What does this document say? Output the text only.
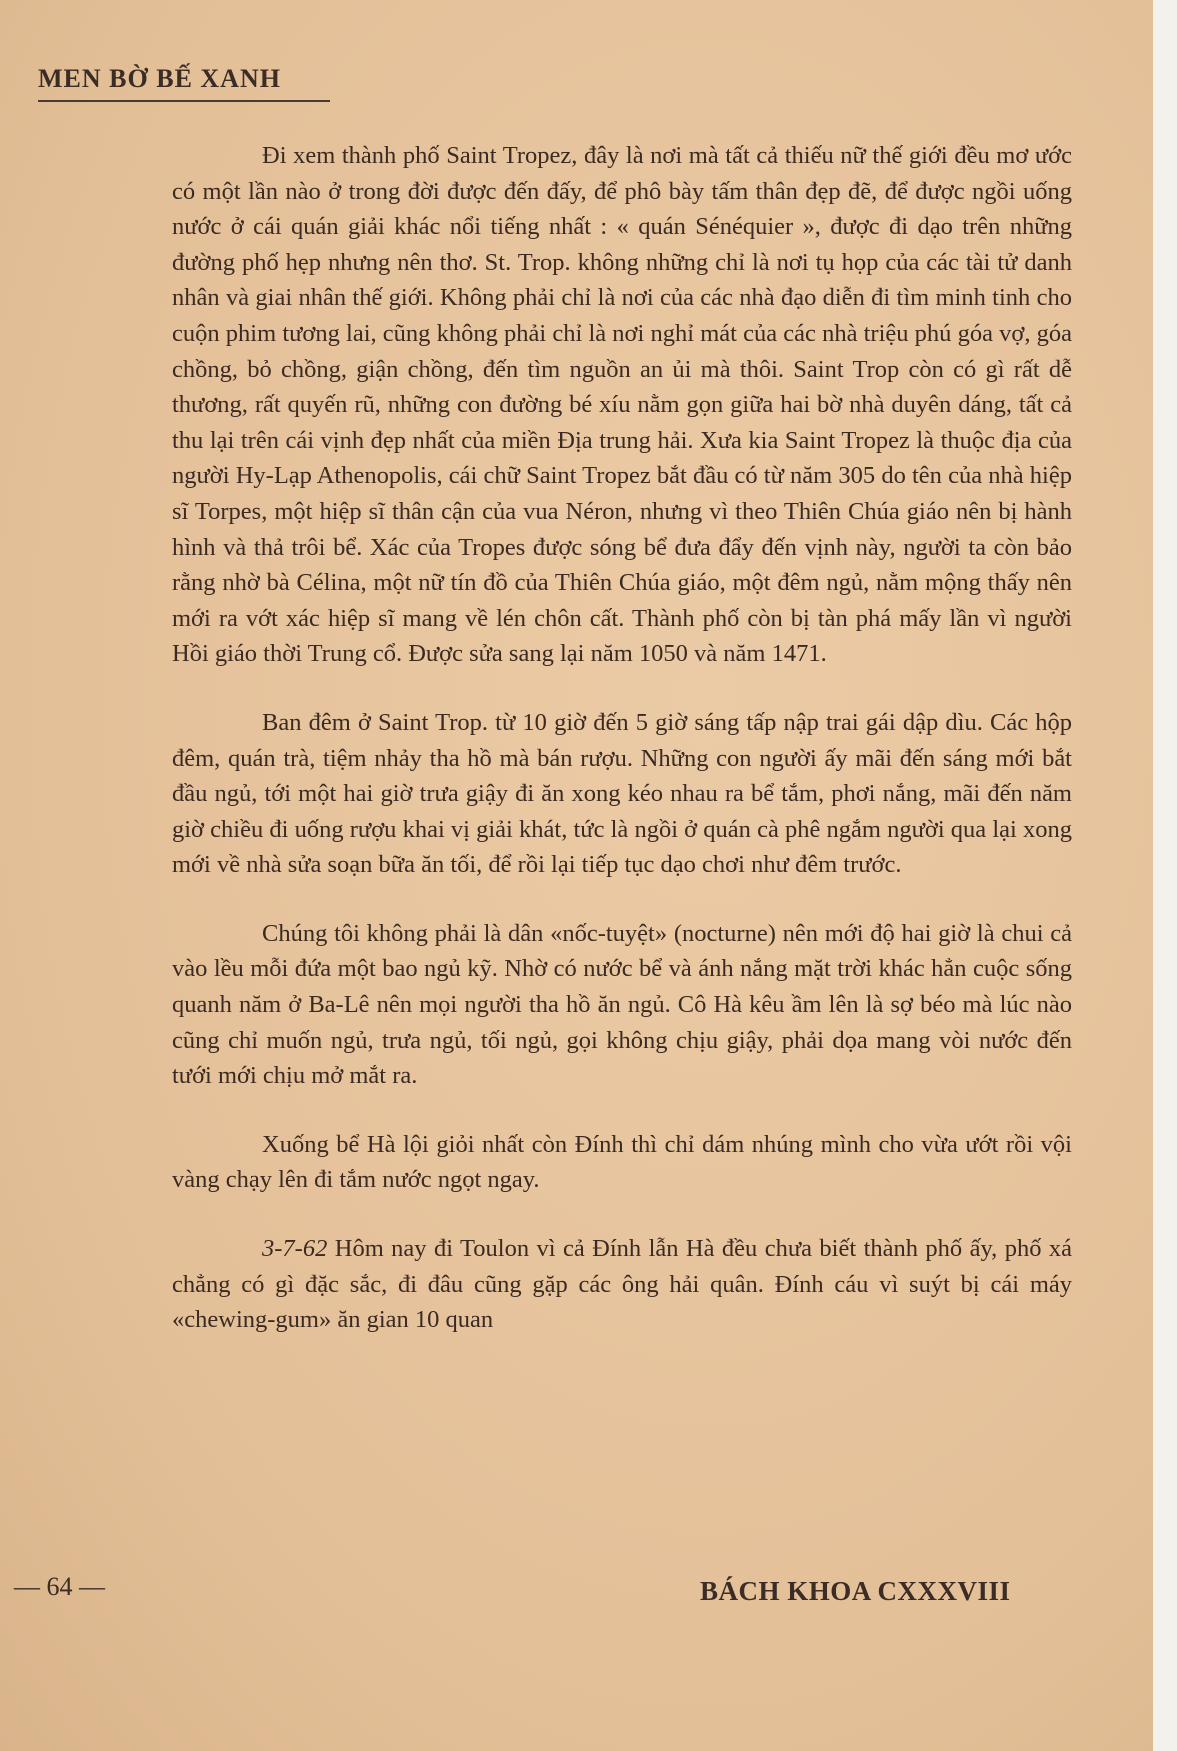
MEN BỜ BẾ XANH

Đi xem thành phố Saint Tropez, đây là nơi mà tất cả thiếu nữ thế giới đều mơ ước có một lần nào ở trong đời được đến đấy, để phô bày tấm thân đẹp đẽ, để được ngồi uống nước ở cái quán giải khác nổi tiếng nhất : « quán Sénéquier », được đi dạo trên những đường phố hẹp nhưng nên thơ. St. Trop. không những chỉ là nơi tụ họp của các tài tử danh nhân và giai nhân thế giới. Không phải chỉ là nơi của các nhà đạo diễn đi tìm minh tinh cho cuộn phim tương lai, cũng không phải chỉ là nơi nghỉ mát của các nhà triệu phú góa vợ, góa chồng, bỏ chồng, giận chồng, đến tìm nguồn an ủi mà thôi. Saint Trop còn có gì rất dễ thương, rất quyến rũ, những con đường bé xíu nằm gọn giữa hai bờ nhà duyên dáng, tất cả thu lại trên cái vịnh đẹp nhất của miền Địa trung hải. Xưa kia Saint Tropez là thuộc địa của người Hy-Lạp Athenopolis, cái chữ Saint Tropez bắt đầu có từ năm 305 do tên của nhà hiệp sĩ Torpes, một hiệp sĩ thân cận của vua Néron, nhưng vì theo Thiên Chúa giáo nên bị hành hình và thả trôi bể. Xác của Tropes được sóng bể đưa đẩy đến vịnh này, người ta còn bảo rằng nhờ bà Célina, một nữ tín đồ của Thiên Chúa giáo, một đêm ngủ, nằm mộng thấy nên mới ra vớt xác hiệp sĩ mang về lén chôn cất. Thành phố còn bị tàn phá mấy lần vì người Hồi giáo thời Trung cổ. Được sửa sang lại năm 1050 và năm 1471.

Ban đêm ở Saint Trop. từ 10 giờ đến 5 giờ sáng tấp nập trai gái dập dìu. Các hộp đêm, quán trà, tiệm nhảy tha hồ mà bán rượu. Những con người ấy mãi đến sáng mới bắt đầu ngủ, tới một hai giờ trưa giậy đi ăn xong kéo nhau ra bể tắm, phơi nắng, mãi đến năm giờ chiều đi uống rượu khai vị giải khát, tức là ngồi ở quán cà phê ngắm người qua lại xong mới về nhà sửa soạn bữa ăn tối, để rồi lại tiếp tục dạo chơi như đêm trước.

Chúng tôi không phải là dân «nốc-tuyệt» (nocturne) nên mới độ hai giờ là chui cả vào lều mỗi đứa một bao ngủ kỹ. Nhờ có nước bể và ánh nắng mặt trời khác hẳn cuộc sống quanh năm ở Ba-Lê nên mọi người tha hồ ăn ngủ. Cô Hà kêu ầm lên là sợ béo mà lúc nào cũng chỉ muốn ngủ, trưa ngủ, tối ngủ, gọi không chịu giậy, phải dọa mang vòi nước đến tưới mới chịu mở mắt ra.

Xuống bể Hà lội giỏi nhất còn Đính thì chỉ dám nhúng mình cho vừa ướt rồi vội vàng chạy lên đi tắm nước ngọt ngay.

3-7-62 Hôm nay đi Toulon vì cả Đính lẫn Hà đều chưa biết thành phố ấy, phố xá chẳng có gì đặc sắc, đi đâu cũng gặp các ông hải quân. Đính cáu vì suýt bị cái máy «chewing-gum» ăn gian 10 quan

— 64 —	BÁCH KHOA CXXXVIII
